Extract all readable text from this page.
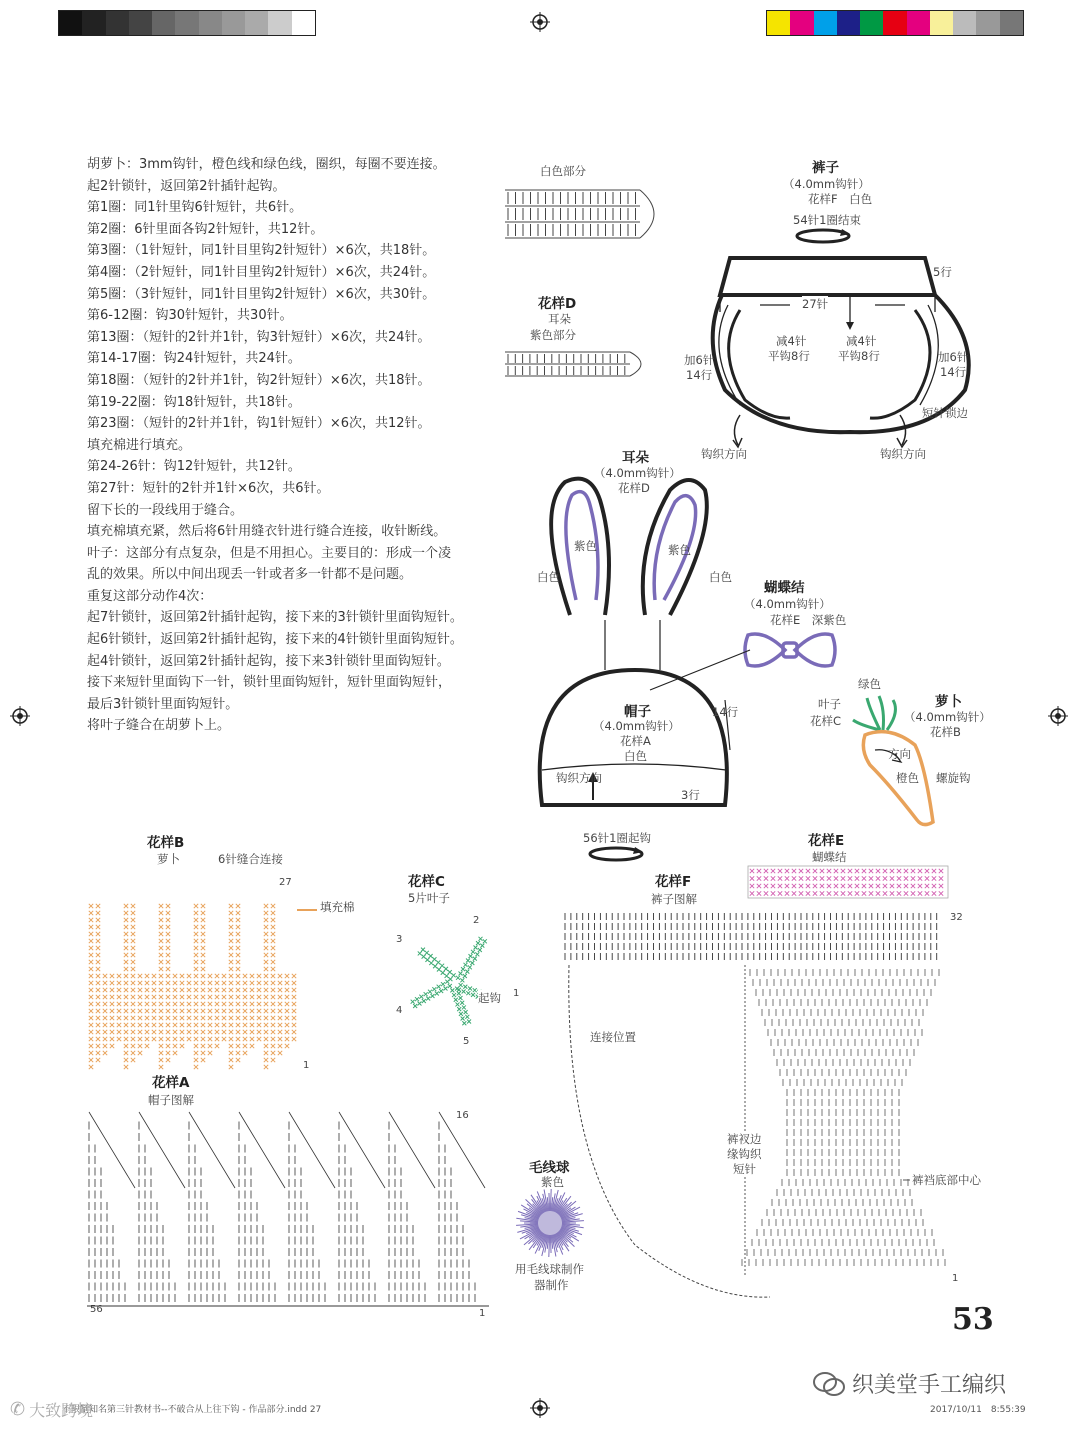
胡萝卜：3mm钩针，橙色线和绿色线，圈织，每圈不要连接。
起2针锁针，返回第2针插针起钩。
第1圈：同1针里钩6针短针，共6针。
第2圈：6针里面各钩2针短针，共12针。
第3圈：（1针短针，同1针目里钩2针短针）×6次，共18针。
第4圈：（2针短针，同1针目里钩2针短针）×6次，共24针。
第5圈：（3针短针，同1针目里钩2针短针）×6次，共30针。
第6-12圈：钩30针短针，共30针。
第13圈：（短针的2针并1针，钩3针短针）×6次，共24针。
第14-17圈：钩24针短针，共24针。
第18圈：（短针的2针并1针，钩2针短针）×6次，共18针。
第19-22圈：钩18针短针，共18针。
第23圈：（短针的2针并1针，钩1针短针）×6次，共12针。
填充棉进行填充。
第24-26针：钩12针短针，共12针。
第27针：短针的2针并1针×6次，共6针。
留下长的一段线用于缝合。
填充棉填充紧，然后将6针用缝衣针进行缝合连接，收针断线。
叶子：这部分有点复杂，但是不用担心。主要目的：形成一个凌
乱的效果。所以中间出现丢一针或者多一针都不是问题。
重复这部分动作4次：
起7针锁针，返回第2针插针起钩，接下来的3针锁针里面钩短针。
起6针锁针，返回第2针插针起钩，接下来的4针锁针里面钩短针。
起4针锁针，返回第2针插针起钩，接下来3针锁针里面钩短针。
接下来短针里面钩下一针，锁针里面钩短针，短针里面钩短针，
最后3针锁针里面钩短针。
将叶子缝合在胡萝卜上。
白色部分
花样D
耳朵
紫色部分
裤子
（4.0mm钩针）
花样F　白色
54针1圈结束
5行
27针
减4针
平钩8行
减4针
平钩8行
加6针
14行
加6针
14行
短针锁边
钩织方向	钩织方向
耳朵
（4.0mm钩针）
花样D
紫色	紫色
白色	白色
蝴蝶结
（4.0mm钩针）
花样E　深紫色
帽子
（4.0mm钩针）
花样A
白色
14行
钩织方向
3行
56针1圈起钩
萝卜
（4.0mm钩针）
花样B
绿色
叶子
花样C
方向
橙色 螺旋钩
花样B
萝卜	6针缝合连接
填充棉
27
1
花样C
5片叶子
1
2
3
4
5
起钩
花样E
蝴蝶结
花样F
裤子图解
32
1
连接位置
裤衩边
缘钩织
短针
裤裆底部中心
花样A
帽子图解
16
1
56
毛线球
紫色
用毛线球制作
器制作
53
织美堂手工编织
不限制知名第三针教材书--不破合从上往下钩 - 作品部分.indd 27	2017/10/11　8:55:39
✆ 大致跨境
